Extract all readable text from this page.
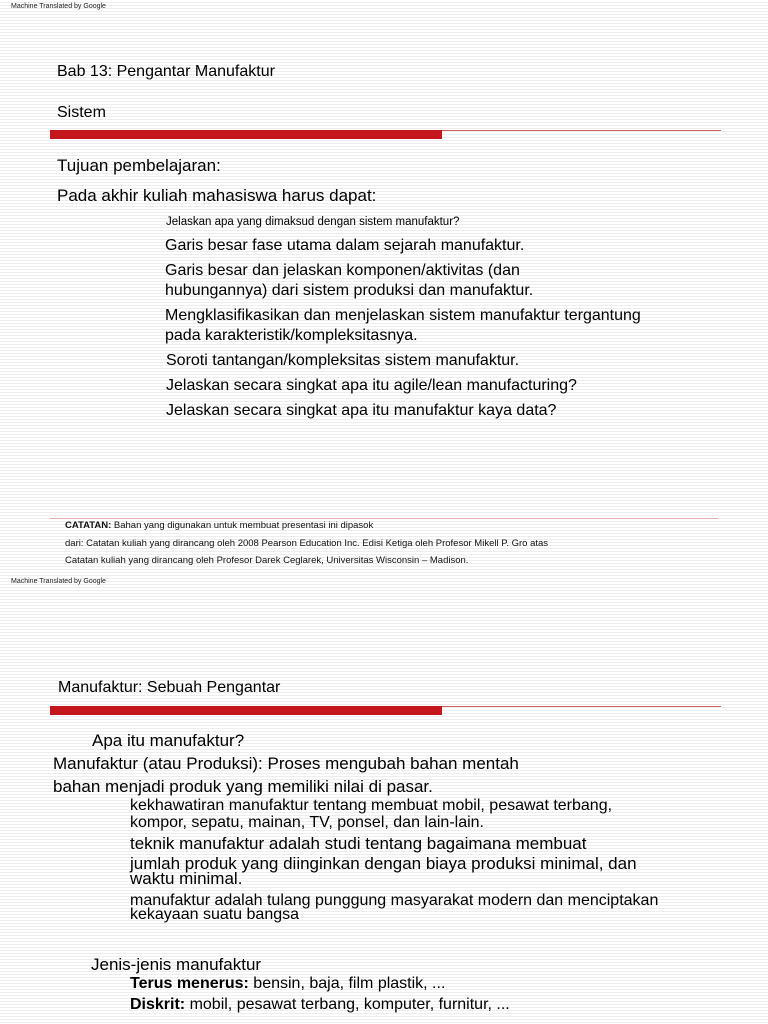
Machine Translated by Google
Bab 13: Pengantar Manufaktur
Sistem
Tujuan pembelajaran:
Pada akhir kuliah mahasiswa harus dapat:
Jelaskan apa yang dimaksud dengan sistem manufaktur?
Garis besar fase utama dalam sejarah manufaktur.
Garis besar dan jelaskan komponen/aktivitas (dan
hubungannya) dari sistem produksi dan manufaktur.
Mengklasifikasikan dan menjelaskan sistem manufaktur tergantung
pada karakteristik/kompleksitasnya.
Soroti tantangan/kompleksitas sistem manufaktur.
Jelaskan secara singkat apa itu agile/lean manufacturing?
Jelaskan secara singkat apa itu manufaktur kaya data?
CATATAN: Bahan yang digunakan untuk membuat presentasi ini dipasok
dari: Catatan kuliah yang dirancang oleh 2008 Pearson Education Inc. Edisi Ketiga oleh Profesor Mikell P. Gro atas
Catatan kuliah yang dirancang oleh Profesor Darek Ceglarek, Universitas Wisconsin – Madison.
Machine Translated by Google
Manufaktur: Sebuah Pengantar
Apa itu manufaktur?
Manufaktur (atau Produksi): Proses mengubah bahan mentah
bahan menjadi produk yang memiliki nilai di pasar.
kekhawatiran manufaktur tentang membuat mobil, pesawat terbang,
kompor, sepatu, mainan, TV, ponsel, dan lain-lain.
teknik manufaktur adalah studi tentang bagaimana membuat
jumlah produk yang diinginkan dengan biaya produksi minimal, dan
waktu minimal.
manufaktur adalah tulang punggung masyarakat modern dan menciptakan
kekayaan suatu bangsa
Jenis-jenis manufaktur
Terus menerus: bensin, baja, film plastik, ...
Diskrit: mobil, pesawat terbang, komputer, furnitur, ...
